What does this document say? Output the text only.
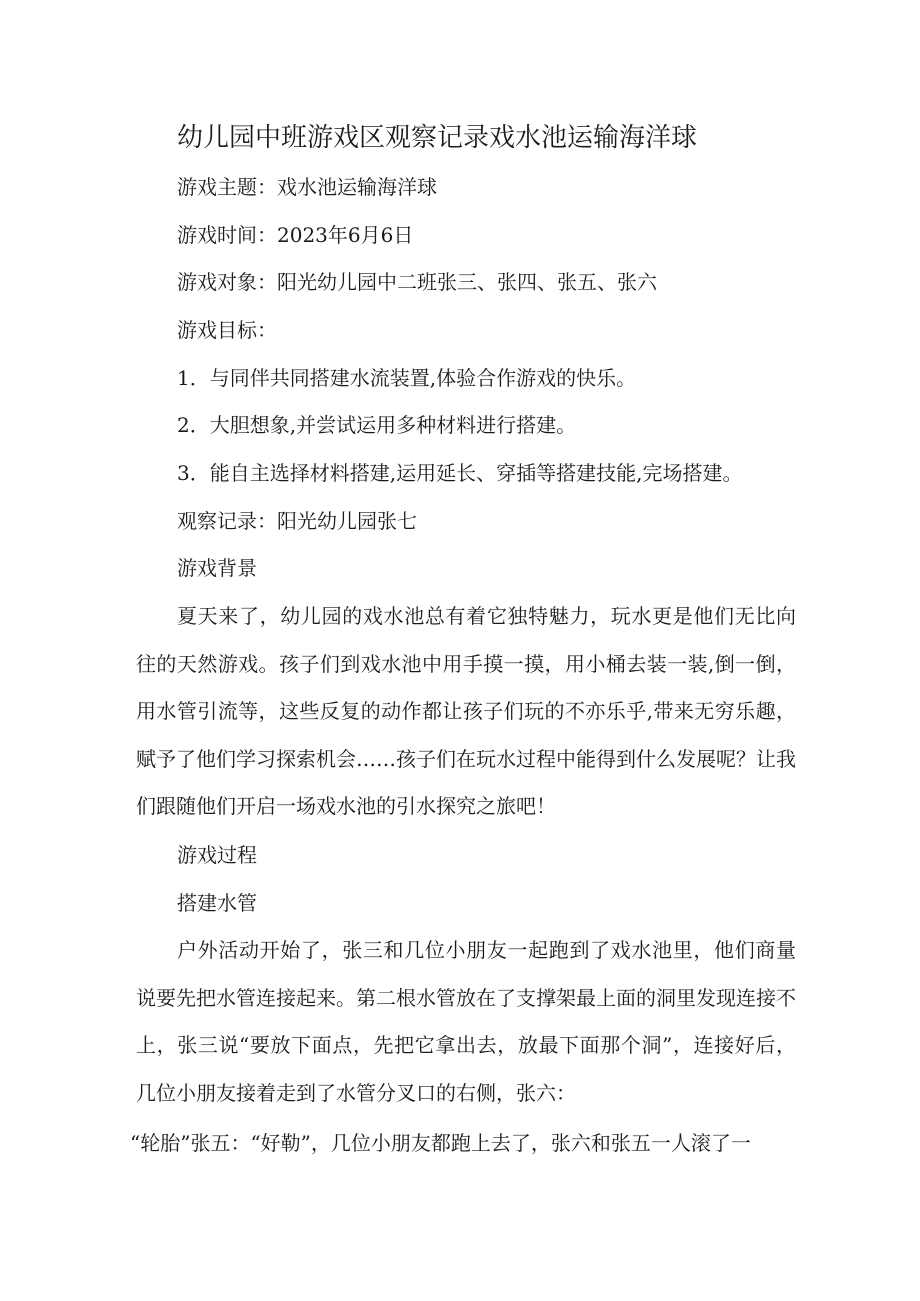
幼儿园中班游戏区观察记录戏水池运输海洋球
游戏主题：戏水池运输海洋球
游戏时间：2023年6月6日
游戏对象：阳光幼儿园中二班张三、张四、张五、张六
游戏目标：
1．与同伴共同搭建水流装置,体验合作游戏的快乐。
2．大胆想象,并尝试运用多种材料进行搭建。
3．能自主选择材料搭建,运用延长、穿插等搭建技能,完场搭建。
观察记录：阳光幼儿园张七
游戏背景
夏天来了，幼儿园的戏水池总有着它独特魅力，玩水更是他们无比向往的天然游戏。孩子们到戏水池中用手摸一摸，用小桶去装一装,倒一倒，用水管引流等，这些反复的动作都让孩子们玩的不亦乐乎,带来无穷乐趣，赋予了他们学习探索机会……孩子们在玩水过程中能得到什么发展呢？让我们跟随他们开启一场戏水池的引水探究之旅吧！
游戏过程
搭建水管
户外活动开始了，张三和几位小朋友一起跑到了戏水池里，他们商量说要先把水管连接起来。第二根水管放在了支撑架最上面的洞里发现连接不上，张三说“要放下面点，先把它拿出去，放最下面那个洞”，连接好后，几位小朋友接着走到了水管分叉口的右侧，张六：
“轮胎”张五：“好勒”，几位小朋友都跑上去了，张六和张五一人滚了一
